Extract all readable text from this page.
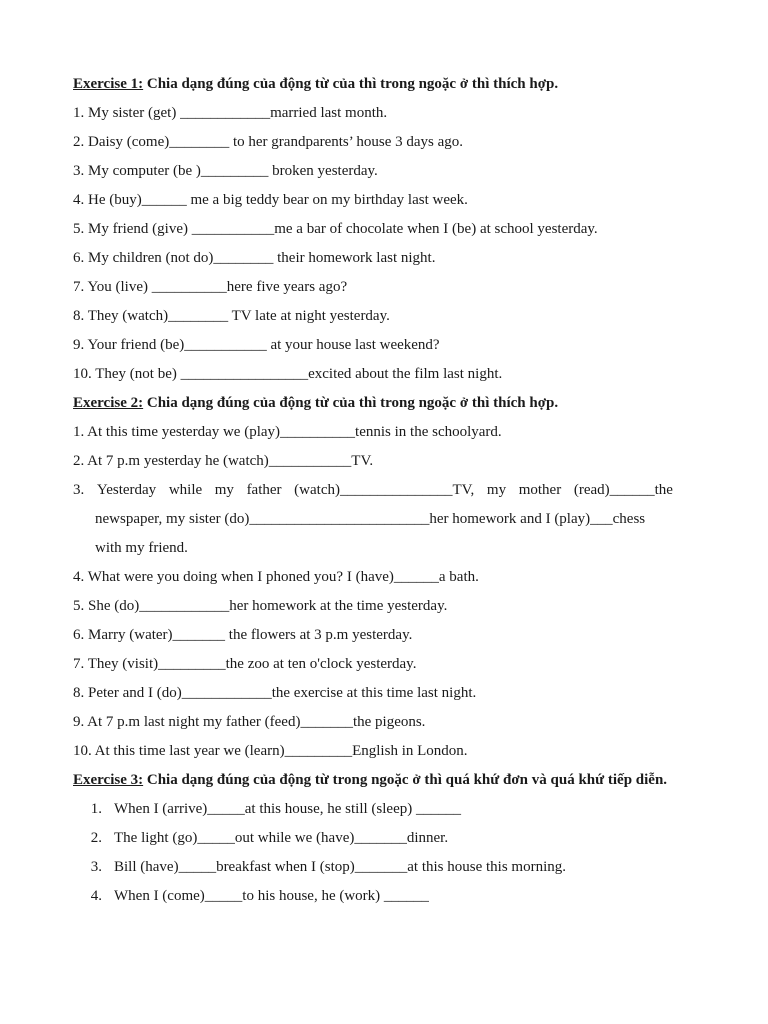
Exercise 1: Chia dạng đúng của động từ của thì trong ngoặc ở thì thích hợp.
1. My sister (get) ____________married last month.
2. Daisy (come)________ to her grandparents’ house 3 days ago.
3. My computer (be )_________ broken yesterday.
4. He (buy)______ me a big teddy bear on my birthday last week.
5. My friend (give) ___________me a bar of chocolate when I (be) at school yesterday.
6. My children (not do)________ their homework last night.
7. You (live) __________here five years ago?
8. They (watch)________ TV late at night yesterday.
9. Your friend (be)___________ at your house last weekend?
10. They (not be) _________________excited about the film last night.
Exercise 2: Chia dạng đúng của động từ của thì trong ngoặc ở thì thích hợp.
1. At this time yesterday we (play)__________tennis in the schoolyard.
2. At 7 p.m yesterday he (watch)___________TV.
3. Yesterday while my father (watch)_______________TV, my mother (read)______the
newspaper, my sister (do)________________________her homework and I (play)___chess
with my friend.
4. What were you doing when I phoned you? I (have)______a bath.
5. She (do)____________her homework at the time yesterday.
6. Marry (water)_______ the flowers at 3 p.m yesterday.
7. They (visit)_________the zoo at ten o'clock yesterday.
8. Peter and I (do)____________the exercise at this time last night.
9. At 7 p.m last night my father (feed)_______the pigeons.
10. At this time last year we (learn)_________English in London.
Exercise 3: Chia dạng đúng của động từ trong ngoặc ở thì quá khứ đơn và quá khứ tiếp diễn.
1. When I (arrive)_____at this house, he still (sleep) ______
2. The light (go)_____out while we (have)_______dinner.
3. Bill (have)_____breakfast when I (stop)_______at this house this morning.
4. When I (come)_____to his house, he (work) ______
